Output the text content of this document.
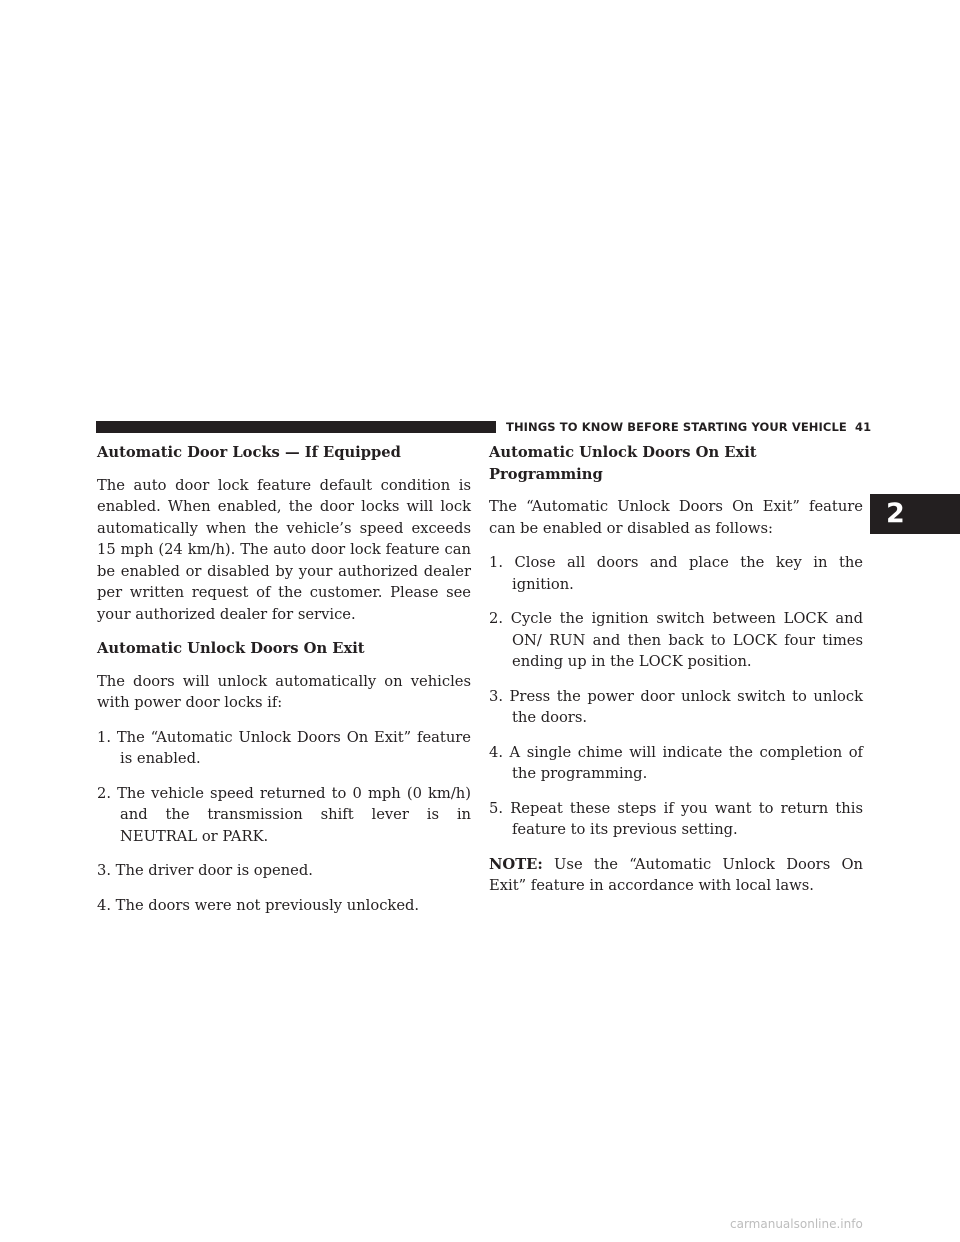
THINGS TO KNOW BEFORE STARTING YOUR VEHICLE 41
2
Automatic Door Locks — If Equipped

The auto door lock feature default condition is enabled. When enabled, the door locks will lock automatically when the vehicle’s speed exceeds 15 mph (24 km/h). The auto door lock feature can be enabled or disabled by your authorized dealer per written request of the customer. Please see your authorized dealer for service.

Automatic Unlock Doors On Exit

The doors will unlock automatically on vehicles with power door locks if:

1. The “Automatic Unlock Doors On Exit” feature is enabled.

2. The vehicle speed returned to 0 mph (0 km/h) and the transmission shift lever is in NEUTRAL or PARK.

3. The driver door is opened.

4. The doors were not previously unlocked.

Automatic Unlock Doors On Exit Programming

The “Automatic Unlock Doors On Exit” feature can be enabled or disabled as follows:

1. Close all doors and place the key in the ignition.

2. Cycle the ignition switch between LOCK and ON/ RUN and then back to LOCK four times ending up in the LOCK position.

3. Press the power door unlock switch to unlock the doors.

4. A single chime will indicate the completion of the programming.

5. Repeat these steps if you want to return this feature to its previous setting.

NOTE: Use the “Automatic Unlock Doors On Exit” feature in accordance with local laws.

carmanualsonline.info
